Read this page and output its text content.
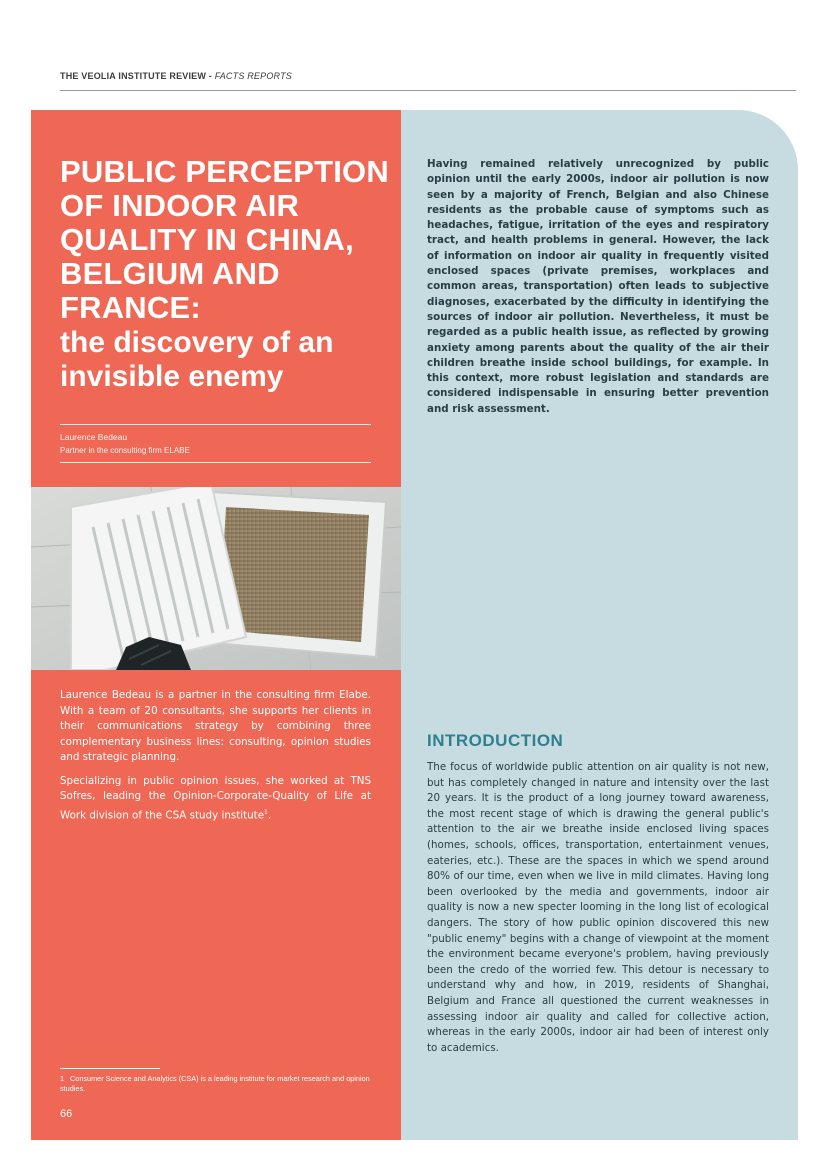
THE VEOLIA INSTITUTE REVIEW - FACTS REPORTS
PUBLIC PERCEPTION OF INDOOR AIR QUALITY IN CHINA, BELGIUM AND FRANCE:
the discovery of an invisible enemy
Laurence Bedeau
Partner in the consulting firm ELABE

Laurence Bedeau is a partner in the consulting firm Elabe. With a team of 20 consultants, she supports her clients in their communications strategy by combining three complementary business lines: consulting, opinion studies and strategic planning.

Specializing in public opinion issues, she worked at TNS Sofres, leading the Opinion-Corporate-Quality of Life at Work division of the CSA study institute$^1$.

1 Consumer Science and Analytics (CSA) is a leading institute for market research and opinion studies.
66

Having remained relatively unrecognized by public opinion until the early 2000s, indoor air pollution is now seen by a majority of French, Belgian and also Chinese residents as the probable cause of symptoms such as headaches, fatigue, irritation of the eyes and respiratory tract, and health problems in general. However, the lack of information on indoor air quality in frequently visited enclosed spaces (private premises, workplaces and common areas, transportation) often leads to subjective diagnoses, exacerbated by the difficulty in identifying the sources of indoor air pollution. Nevertheless, it must be regarded as a public health issue, as reflected by growing anxiety among parents about the quality of the air their children breathe inside school buildings, for example. In this context, more robust legislation and standards are considered indispensable in ensuring better prevention and risk assessment.

INTRODUCTION

The focus of worldwide public attention on air quality is not new, but has completely changed in nature and intensity over the last 20 years. It is the product of a long journey toward awareness, the most recent stage of which is drawing the general public's attention to the air we breathe inside enclosed living spaces (homes, schools, offices, transportation, entertainment venues, eateries, etc.). These are the spaces in which we spend around 80% of our time, even when we live in mild climates. Having long been overlooked by the media and governments, indoor air quality is now a new specter looming in the long list of ecological dangers. The story of how public opinion discovered this new "public enemy" begins with a change of viewpoint at the moment the environment became everyone's problem, having previously been the credo of the worried few. This detour is necessary to understand why and how, in 2019, residents of Shanghai, Belgium and France all questioned the current weaknesses in assessing indoor air quality and called for collective action, whereas in the early 2000s, indoor air had been of interest only to academics.
